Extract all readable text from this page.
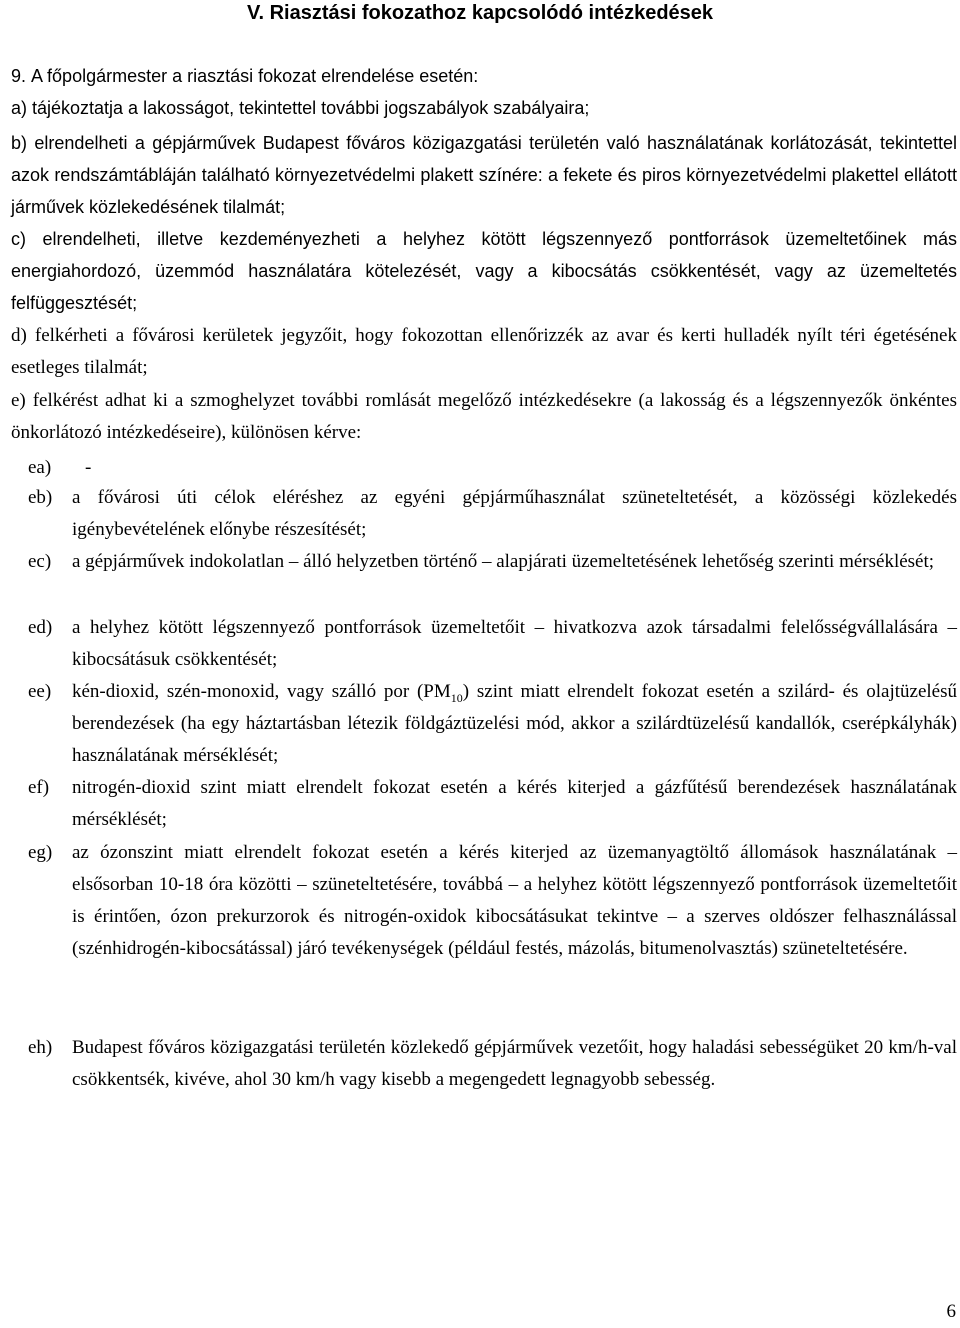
V. Riasztási fokozathoz kapcsolódó intézkedések
9. A főpolgármester a riasztási fokozat elrendelése esetén:
a) tájékoztatja a lakosságot, tekintettel további jogszabályok szabályaira;
b) elrendelheti a gépjárművek Budapest főváros közigazgatási területén való használatának korlátozását, tekintettel azok rendszámtábláján található környezetvédelmi plakett színére: a fekete és piros környezetvédelmi plakettel ellátott járművek közlekedésének tilalmát;
c) elrendelheti, illetve kezdeményezheti a helyhez kötött légszennyező pontforrások üzemeltetőinek más energiahordozó, üzemmód használatára kötelezését, vagy a kibocsátás csökkentését, vagy az üzemeltetés felfüggesztését;
d) felkérheti a fővárosi kerületek jegyzőit, hogy fokozottan ellenőrizzék az avar és kerti hulladék nyílt téri égetésének esetleges tilalmát;
e) felkérést adhat ki a szmoghelyzet további romlását megelőző intézkedésekre (a lakosság és a légszennyezők önkéntes önkorlátozó intézkedéseire), különösen kérve:
ea) -
eb) a fővárosi úti célok eléréshez az egyéni gépjárműhasználat szüneteltetését, a közösségi közlekedés igénybevételének előnybe részesítését;
ec) a gépjárművek indokolatlan – álló helyzetben történő – alapjárati üzemeltetésének lehetőség szerinti mérséklését;
ed) a helyhez kötött légszennyező pontforrások üzemeltetőit – hivatkozva azok társadalmi felelősségvállalására – kibocsátásuk csökkentését;
ee) kén-dioxid, szén-monoxid, vagy szálló por $(PM_{10})$ szint miatt elrendelt fokozat esetén a szilárd- és olajtüzelésű berendezések (ha egy háztartásban létezik földgáztüzelési mód, akkor a szilárdtüzelésű kandallók, cserépkályhák) használatának mérséklését;
ef) nitrogén-dioxid szint miatt elrendelt fokozat esetén a kérés kiterjed a gázfűtésű berendezések használatának mérséklését;
eg) az ózonszint miatt elrendelt fokozat esetén a kérés kiterjed az üzemanyagtöltő állomások használatának – elsősorban 10-18 óra közötti – szüneteltetésére, továbbá – a helyhez kötött légszennyező pontforrások üzemeltetőit is érintően, ózon prekurzorok és nitrogén-oxidok kibocsátásukat tekintve – a szerves oldószer felhasználással (szénhidrogén-kibocsátással) járó tevékenységek (például festés, mázolás, bitumenolvasztás) szüneteltetésére.
eh) Budapest főváros közigazgatási területén közlekedő gépjárművek vezetőit, hogy haladási sebességüket 20 km/h-val csökkentsék, kivéve, ahol 30 km/h vagy kisebb a megengedett legnagyobb sebesség.
6
